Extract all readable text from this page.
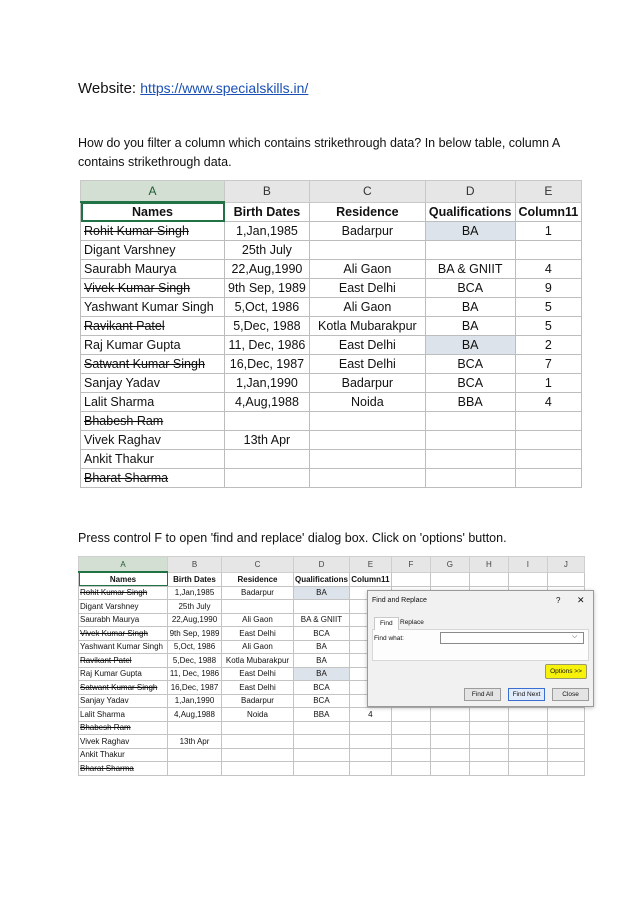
Website: https://www.specialskills.in/
How do you filter a column which contains strikethrough data? In below table, column A contains strikethrough data.
A	B	C	D	E
Names	Birth Dates	Residence	Qualifications	Column11
Rohit Kumar Singh	1,Jan,1985	Badarpur	BA	1
Digant Varshney	25th July			
Saurabh Maurya	22,Aug,1990	Ali Gaon	BA & GNIIT	4
Vivek Kumar Singh	9th Sep, 1989	East Delhi	BCA	9
Yashwant Kumar Singh	5,Oct, 1986	Ali Gaon	BA	5
Ravikant Patel	5,Dec, 1988	Kotla Mubarakpur	BA	5
Raj Kumar Gupta	11, Dec, 1986	East Delhi	BA	2
Satwant Kumar Singh	16,Dec, 1987	East Delhi	BCA	7
Sanjay Yadav	1,Jan,1990	Badarpur	BCA	1
Lalit Sharma	4,Aug,1988	Noida	BBA	4
Bhabesh Ram				
Vivek Raghav	13th Apr			
Ankit Thakur				
Bharat Sharma				
Press control F to open 'find and replace' dialog box. Click on 'options' button.
A	B	C	D	E	F	G	H	I	J
Names	Birth Dates	Residence	Qualifications	Column11					
Rohit Kumar Singh	1,Jan,1985	Badarpur	BA						
Digant Varshney	25th July								
Saurabh Maurya	22,Aug,1990	Ali Gaon	BA & GNIIT						
Vivek Kumar Singh	9th Sep, 1989	East Delhi	BCA						
Yashwant Kumar Singh	5,Oct, 1986	Ali Gaon	BA						
Ravikant Patel	5,Dec, 1988	Kotla Mubarakpur	BA						
Raj Kumar Gupta	11, Dec, 1986	East Delhi	BA						
Satwant Kumar Singh	16,Dec, 1987	East Delhi	BCA						
Sanjay Yadav	1,Jan,1990	Badarpur	BCA						
Lalit Sharma	4,Aug,1988	Noida	BBA	4					
Bhabesh Ram									
Vivek Raghav	13th Apr								
Ankit Thakur									
Bharat Sharma									
Find and Replace	? ✕
Find	Replace
Find what:	⌵
Options >>
Find All	Find Next	Close
